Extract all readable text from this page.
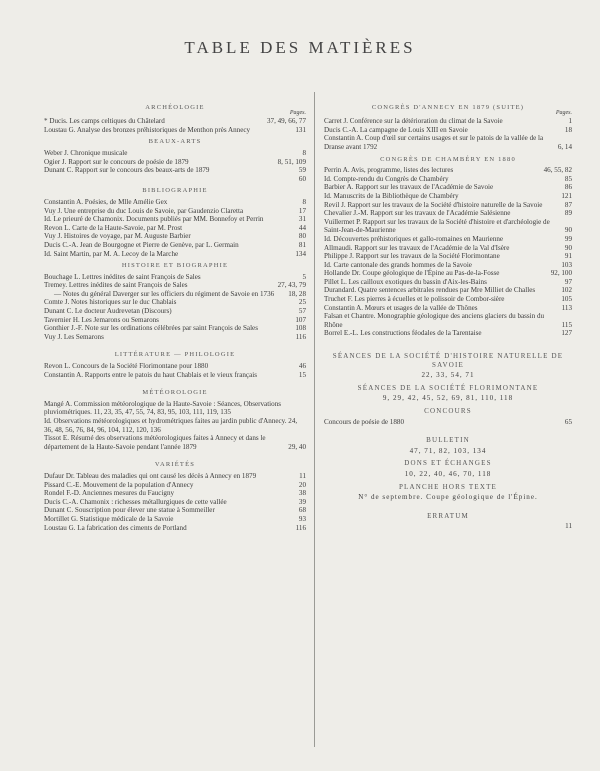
TABLE DES MATIÈRES
ARCHÉOLOGIE
Pages.
* Ducis. Les camps celtiques du Châtelard	37, 49, 66, 77
Loustau G. Analyse des bronzes préhistoriques de Menthon près Annecy	131
BEAUX-ARTS
Weber J. Chronique musicale	8
Ogier J. Rapport sur le concours de poésie de 1879	8, 51, 109
Dunant C. Rapport sur le concours des beaux-arts de 1879	59
60
BIBLIOGRAPHIE
Constantin A. Poésies, de Mlle Amélie Gex	8
Vuy J. Une entreprise du duc Louis de Savoie, par Gaudenzio Claretta	17
Id. Le prieuré de Chamonix. Documents publiés par MM. Bonnefoy et Perrin	31
Revon L. Carte de la Haute-Savoie, par M. Prost	44
Vuy J. Histoires de voyage, par M. Auguste Barbier	80
Ducis C.-A. Jean de Bourgogne et Pierre de Genève, par L. Germain	81
Id. Saint Martin, par M. A. Lecoy de la Marche	134
HISTOIRE ET BIOGRAPHIE
Bouchage L. Lettres inédites de saint François de Sales	5
Tremey. Lettres inédites de saint François de Sales	27, 43, 79
— Notes du général Daverger sur les officiers du régiment de Savoie en 1736	18, 28
Comte J. Notes historiques sur le duc Chablais	25
Dunant C. Le docteur Audrevetan (Discours)	57
Tavernier H. Les Jemarons ou Semarons	107
Gonthier J.-F. Note sur les ordinations célébrées par saint François de Sales	108
Vuy J. Les Semarons	116
LITTÉRATURE — PHILOLOGIE
Revon L. Concours de la Société Florimontane pour 1880	46
Constantin A. Rapports entre le patois du haut Chablais et le vieux français	15
MÉTÉOROLOGIE
Mangé A. Commission météorologique de la Haute-Savoie : Séances, Observations pluviométriques. 11, 23, 35, 47, 55, 74, 83, 95, 103, 111, 119, 135
Id. Observations météorologiques et hydrométriques faites au jardin public d'Annecy. 24, 36, 48, 56, 76, 84, 96, 104, 112, 120, 136
Tissot E. Résumé des observations météorologiques faites à Annecy et dans le département de la Haute-Savoie pendant l'année 1879	29, 40
VARIÉTÉS
Dufaur Dr. Tableau des maladies qui ont causé les décès à Annecy en 1879	11
Pissard C.-E. Mouvement de la population d'Annecy	20
Rondel F.-D. Anciennes mesures du Faucigny	38
Ducis C.-A. Chamonix : richesses métallurgiques de cette vallée	39
Dunant C. Souscription pour élever une statue à Sommeiller	68
Mortillet G. Statistique médicale de la Savoie	93
Loustau G. La fabrication des ciments de Portland	116
CONGRÈS D'ANNECY EN 1879 (SUITE)
Pages.
Carret J. Conférence sur la détérioration du climat de la Savoie	1
Ducis C.-A. La campagne de Louis XIII en Savoie	18
Constantin A. Coup d'œil sur certains usages et sur le patois de la vallée de la Dranse avant 1792	6, 14
CONGRÈS DE CHAMBÉRY EN 1880
Perrin A. Avis, programme, listes des lectures	46, 55, 82
Id. Compte-rendu du Congrès de Chambéry	85
Barbier A. Rapport sur les travaux de l'Académie de Savoie	86
Id. Manuscrits de la Bibliothèque de Chambéry	121
Revil J. Rapport sur les travaux de la Société d'histoire naturelle de la Savoie	87
Chevalier J.-M. Rapport sur les travaux de l'Académie Salésienne	89
Vuillermet P. Rapport sur les travaux de la Société d'histoire et d'archéologie de Saint-Jean-de-Maurienne	90
Id. Découvertes préhistoriques et gallo-romaines en Maurienne	99
Allmaudi. Rapport sur les travaux de l'Académie de la Val d'Isère	90
Philippe J. Rapport sur les travaux de la Société Florimontane	91
Id. Carte cantonale des grands hommes de la Savoie	103
Hollande Dr. Coupe géologique de l'Épine au Pas-de-la-Fosse	92, 100
Pillet L. Les cailloux exotiques du bassin d'Aix-les-Bains	97
Durandard. Quatre sentences arbitrales rendues par Mre Milliet de Challes	102
Truchet F. Les pierres à écuelles et le polissoir de Combor-sière	105
Constantin A. Mœurs et usages de la vallée de Thônes	113
Falsan et Chantre. Monographie géologique des anciens glaciers du bassin du Rhône	115
Borrel E.-L. Les constructions féodales de la Tarentaise	127
SÉANCES DE LA SOCIÉTÉ D'HISTOIRE NATURELLE DE SAVOIE
22, 33, 54, 71
SÉANCES DE LA SOCIÉTÉ FLORIMONTANE
9, 29, 42, 45, 52, 69, 81, 110, 118
CONCOURS
Concours de poésie de 1880	65
BULLETIN
47, 71, 82, 103, 134
DONS ET ÉCHANGES
10, 22, 40, 46, 70, 118
PLANCHE HORS TEXTE
N° de septembre. Coupe géologique de l'Épine.
ERRATUM
11
